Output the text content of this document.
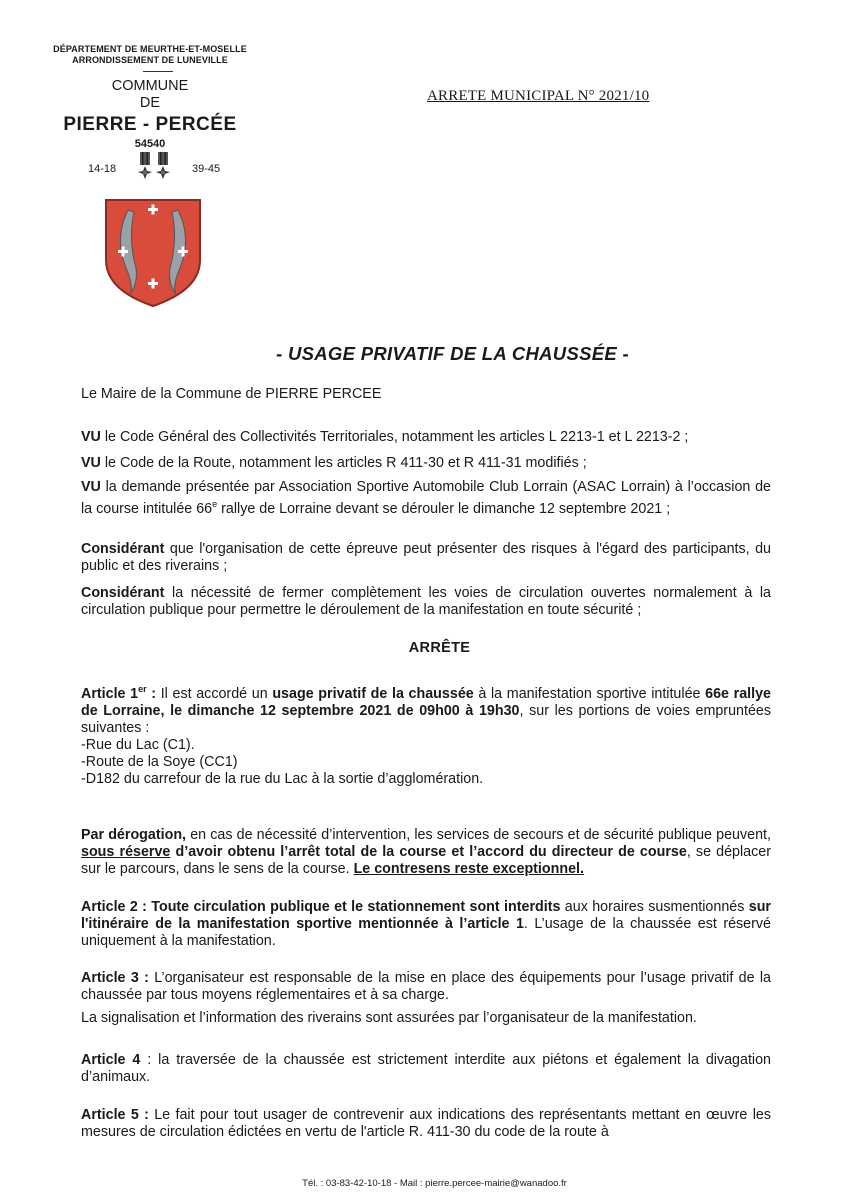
DÉPARTEMENT DE MEURTHE-ET-MOSELLE
ARRONDISSEMENT DE LUNEVILLE
COMMUNE
DE
PIERRE - PERCÉE
54540
14-18	39-45
ARRETE MUNICIPAL N° 2021/10
- USAGE PRIVATIF DE LA CHAUSSÉE -
Le Maire de la Commune de PIERRE PERCEE
VU le Code Général des Collectivités Territoriales, notamment les articles L 2213-1 et L 2213-2 ;
VU le Code de la Route, notamment les articles R 411-30 et R 411-31 modifiés ;
VU la demande présentée par Association Sportive Automobile Club Lorrain (ASAC Lorrain) à l’occasion de la course intitulée 66e rallye de Lorraine devant se dérouler le dimanche 12 septembre 2021 ;
Considérant que l'organisation de cette épreuve peut présenter des risques à l'égard des participants, du public et des riverains ;
Considérant la nécessité de fermer complètement les voies de circulation ouvertes normalement à la circulation publique pour permettre le déroulement de la manifestation en toute sécurité ;
ARRÊTE
Article 1er : Il est accordé un usage privatif de la chaussée à la manifestation sportive intitulée 66e rallye de Lorraine, le dimanche 12 septembre 2021 de 09h00 à 19h30, sur les portions de voies empruntées suivantes :
-Rue du Lac (C1).
-Route de la Soye (CC1)
-D182 du carrefour de la rue du Lac à la sortie d’agglomération.
Par dérogation, en cas de nécessité d’intervention, les services de secours et de sécurité publique peuvent, sous réserve d’avoir obtenu l’arrêt total de la course et l’accord du directeur de course, se déplacer sur le parcours, dans le sens de la course. Le contresens reste exceptionnel.
Article 2 : Toute circulation publique et le stationnement sont interdits aux horaires susmentionnés sur l'itinéraire de la manifestation sportive mentionnée à l’article 1. L’usage de la chaussée est réservé uniquement à la manifestation.
Article 3 : L’organisateur est responsable de la mise en place des équipements pour l’usage privatif de la chaussée par tous moyens réglementaires et à sa charge.
La signalisation et l’information des riverains sont assurées par l’organisateur de la manifestation.
Article 4 : la traversée de la chaussée est strictement interdite aux piétons et également la divagation d’animaux.
Article 5 : Le fait pour tout usager de contrevenir aux indications des représentants mettant en œuvre les mesures de circulation édictées en vertu de l'article R. 411-30 du code de la route à
Tél. : 03-83-42-10-18 - Mail : pierre.percee-mairie@wanadoo.fr
